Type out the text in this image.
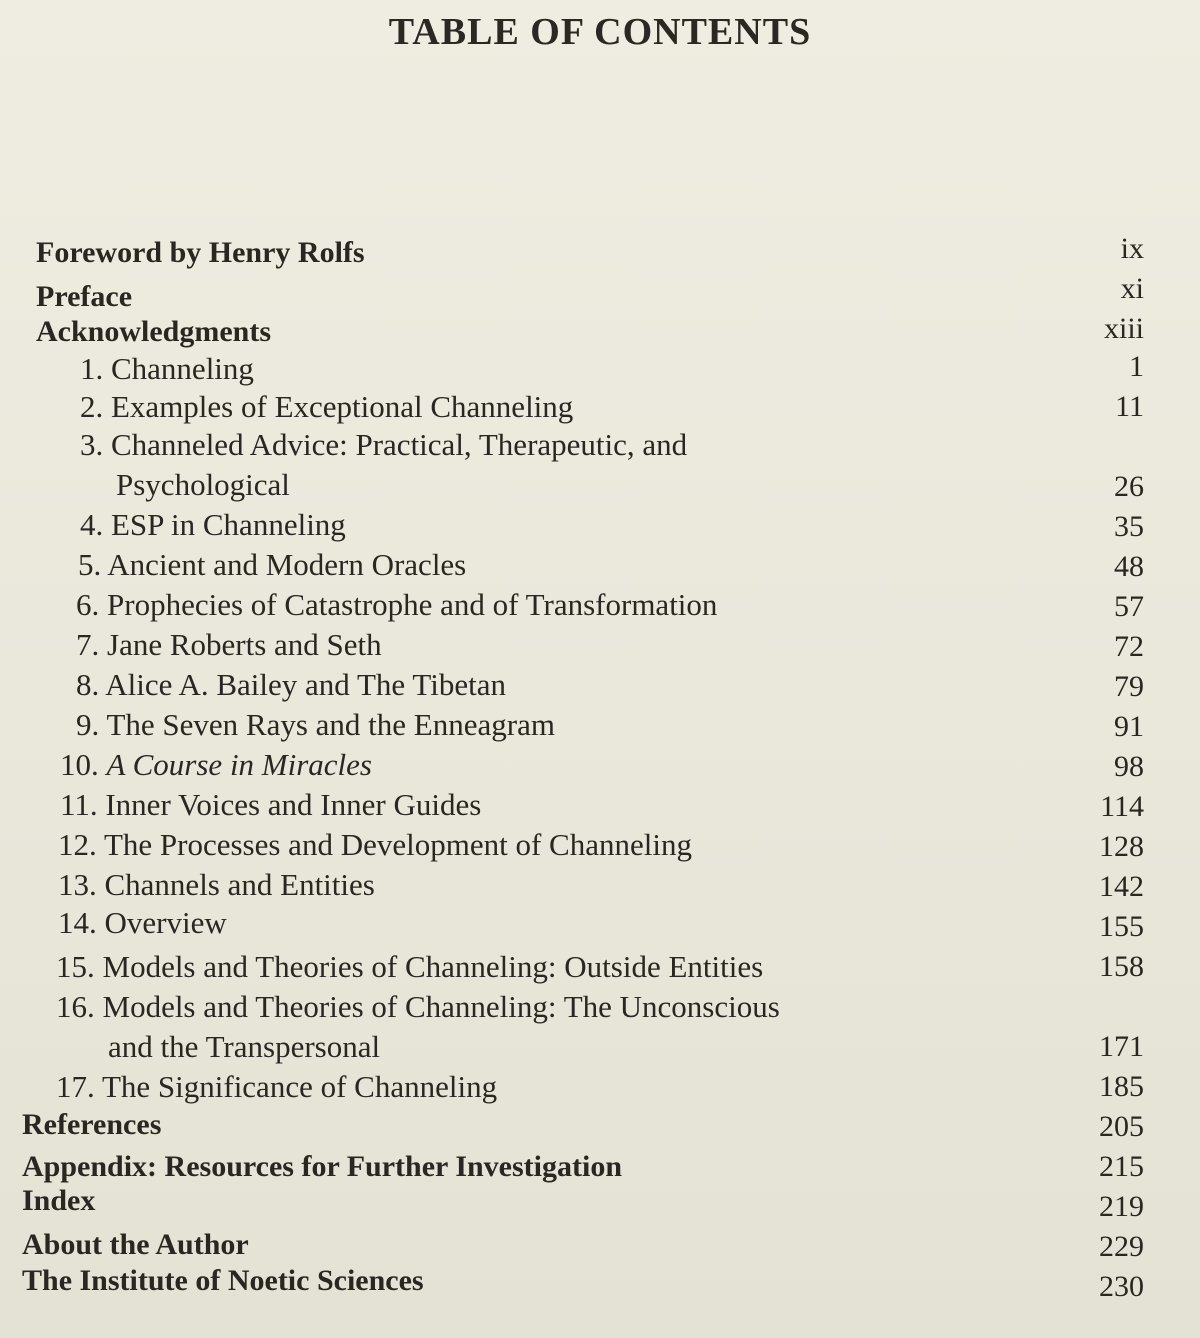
TABLE OF CONTENTS
Foreword by Henry Rolfs	ix
Preface	xi
Acknowledgments	xiii
1. Channeling	1
2. Examples of Exceptional Channeling	11
3. Channeled Advice: Practical, Therapeutic, and
Psychological	26
4. ESP in Channeling	35
5. Ancient and Modern Oracles	48
6. Prophecies of Catastrophe and of Transformation	57
7. Jane Roberts and Seth	72
8. Alice A. Bailey and The Tibetan	79
9. The Seven Rays and the Enneagram	91
10. A Course in Miracles	98
11. Inner Voices and Inner Guides	114
12. The Processes and Development of Channeling	128
13. Channels and Entities	142
14. Overview	155
15. Models and Theories of Channeling: Outside Entities	158
16. Models and Theories of Channeling: The Unconscious
and the Transpersonal	171
17. The Significance of Channeling	185
References	205
Appendix: Resources for Further Investigation	215
Index	219
About the Author	229
The Institute of Noetic Sciences	230
